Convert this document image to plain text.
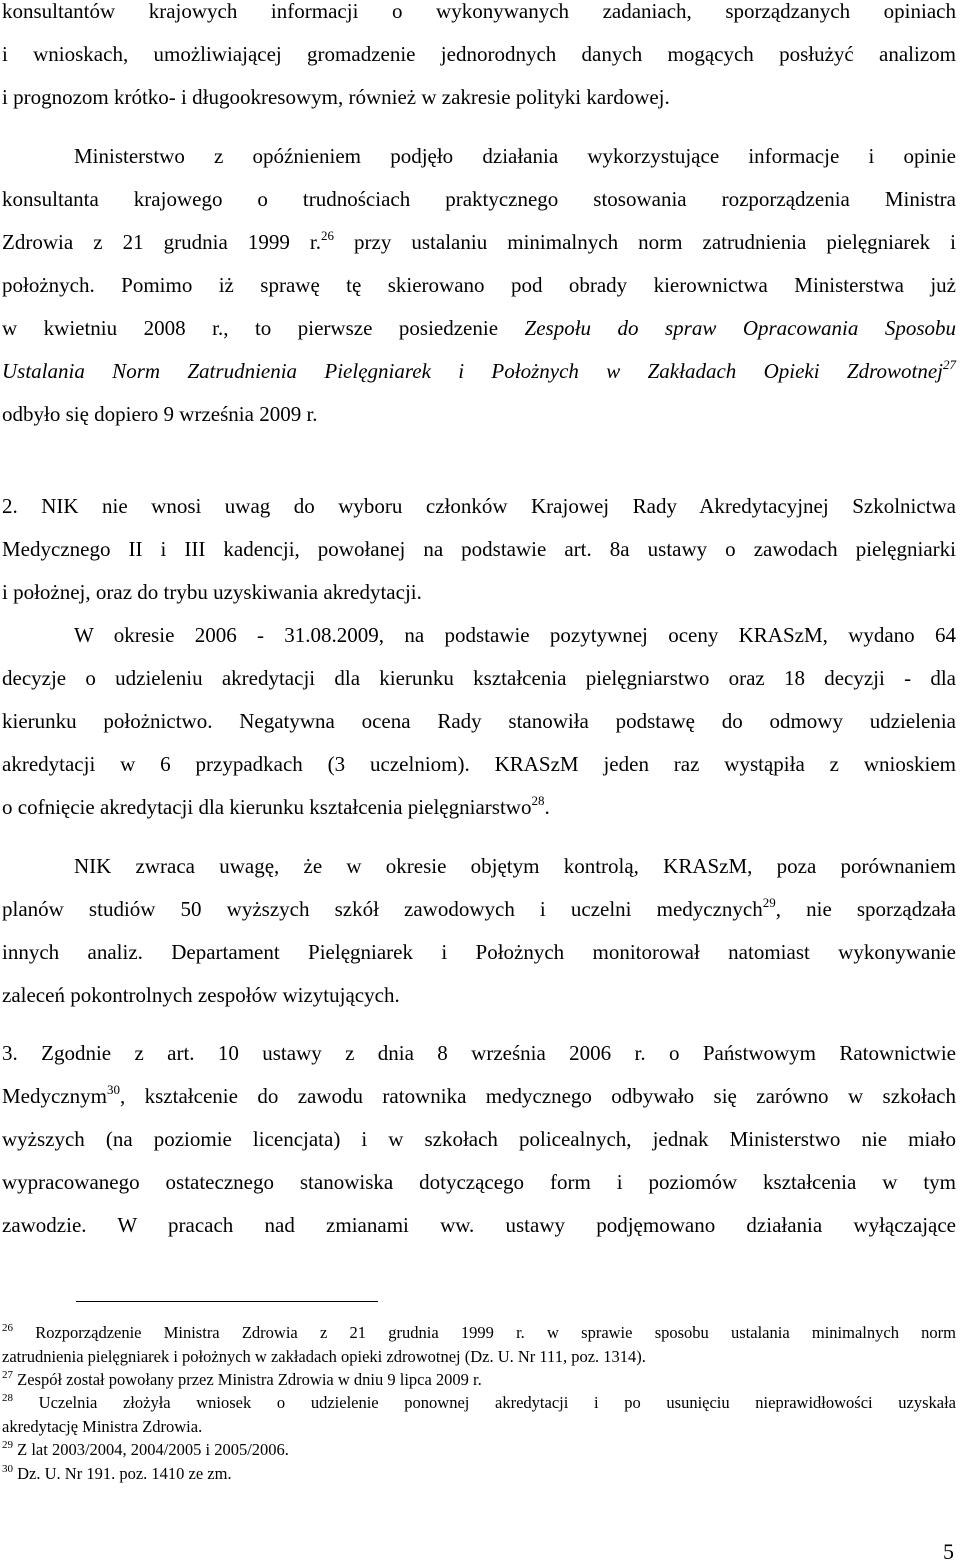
konsultantów krajowych informacji o wykonywanych zadaniach, sporządzanych opiniach
i wnioskach, umożliwiającej gromadzenie jednorodnych danych mogących posłużyć analizom
i prognozom krótko- i długookresowym, również w zakresie polityki kardowej.
Ministerstwo z opóźnieniem podjęło działania wykorzystujące informacje i opinie
konsultanta krajowego o trudnościach praktycznego stosowania rozporządzenia Ministra
Zdrowia z 21 grudnia 1999 r.$^{26}$ przy ustalaniu minimalnych norm zatrudnienia pielęgniarek i
położnych. Pomimo iż sprawę tę skierowano pod obrady kierownictwa Ministerstwa już
w kwietniu 2008 r., to pierwsze posiedzenie Zespołu do spraw Opracowania Sposobu
Ustalania Norm Zatrudnienia Pielęgniarek i Położnych w Zakładach Opieki Zdrowotnej$^{27}$
odbyło się dopiero 9 września 2009 r.
2. NIK nie wnosi uwag do wyboru członków Krajowej Rady Akredytacyjnej Szkolnictwa
Medycznego II i III kadencji, powołanej na podstawie art. 8a ustawy o zawodach pielęgniarki
i położnej, oraz do trybu uzyskiwania akredytacji.
W okresie 2006 - 31.08.2009, na podstawie pozytywnej oceny KRASzM, wydano 64
decyzje o udzieleniu akredytacji dla kierunku kształcenia pielęgniarstwo oraz 18 decyzji - dla
kierunku położnictwo. Negatywna ocena Rady stanowiła podstawę do odmowy udzielenia
akredytacji w 6 przypadkach (3 uczelniom). KRASzM jeden raz wystąpiła z wnioskiem
o cofnięcie akredytacji dla kierunku kształcenia pielęgniarstwo$^{28}$.
NIK zwraca uwagę, że w okresie objętym kontrolą, KRASzM, poza porównaniem
planów studiów 50 wyższych szkół zawodowych i uczelni medycznych$^{29}$, nie sporządzała
innych analiz. Departament Pielęgniarek i Położnych monitorował natomiast wykonywanie
zaleceń pokontrolnych zespołów wizytujących.
3. Zgodnie z art. 10 ustawy z dnia 8 września 2006 r. o Państwowym Ratownictwie
Medycznym$^{30}$, kształcenie do zawodu ratownika medycznego odbywało się zarówno w szkołach
wyższych (na poziomie licencjata) i w szkołach policealnych, jednak Ministerstwo nie miało
wypracowanego ostatecznego stanowiska dotyczącego form i poziomów kształcenia w tym
zawodzie. W pracach nad zmianami ww. ustawy podjęmowano działania wyłączające
$^{26}$ Rozporządzenie Ministra Zdrowia z 21 grudnia 1999 r. w sprawie sposobu ustalania minimalnych norm
zatrudnienia pielęgniarek i położnych w zakładach opieki zdrowotnej (Dz. U. Nr 111, poz. 1314).
$^{27}$ Zespół został powołany przez Ministra Zdrowia w dniu 9 lipca 2009 r.
$^{28}$ Uczelnia złożyła wniosek o udzielenie ponownej akredytacji i po usunięciu nieprawidłowości uzyskała
akredytację Ministra Zdrowia.
$^{29}$ Z lat 2003/2004, 2004/2005 i 2005/2006.
$^{30}$ Dz. U. Nr 191. poz. 1410 ze zm.
5
